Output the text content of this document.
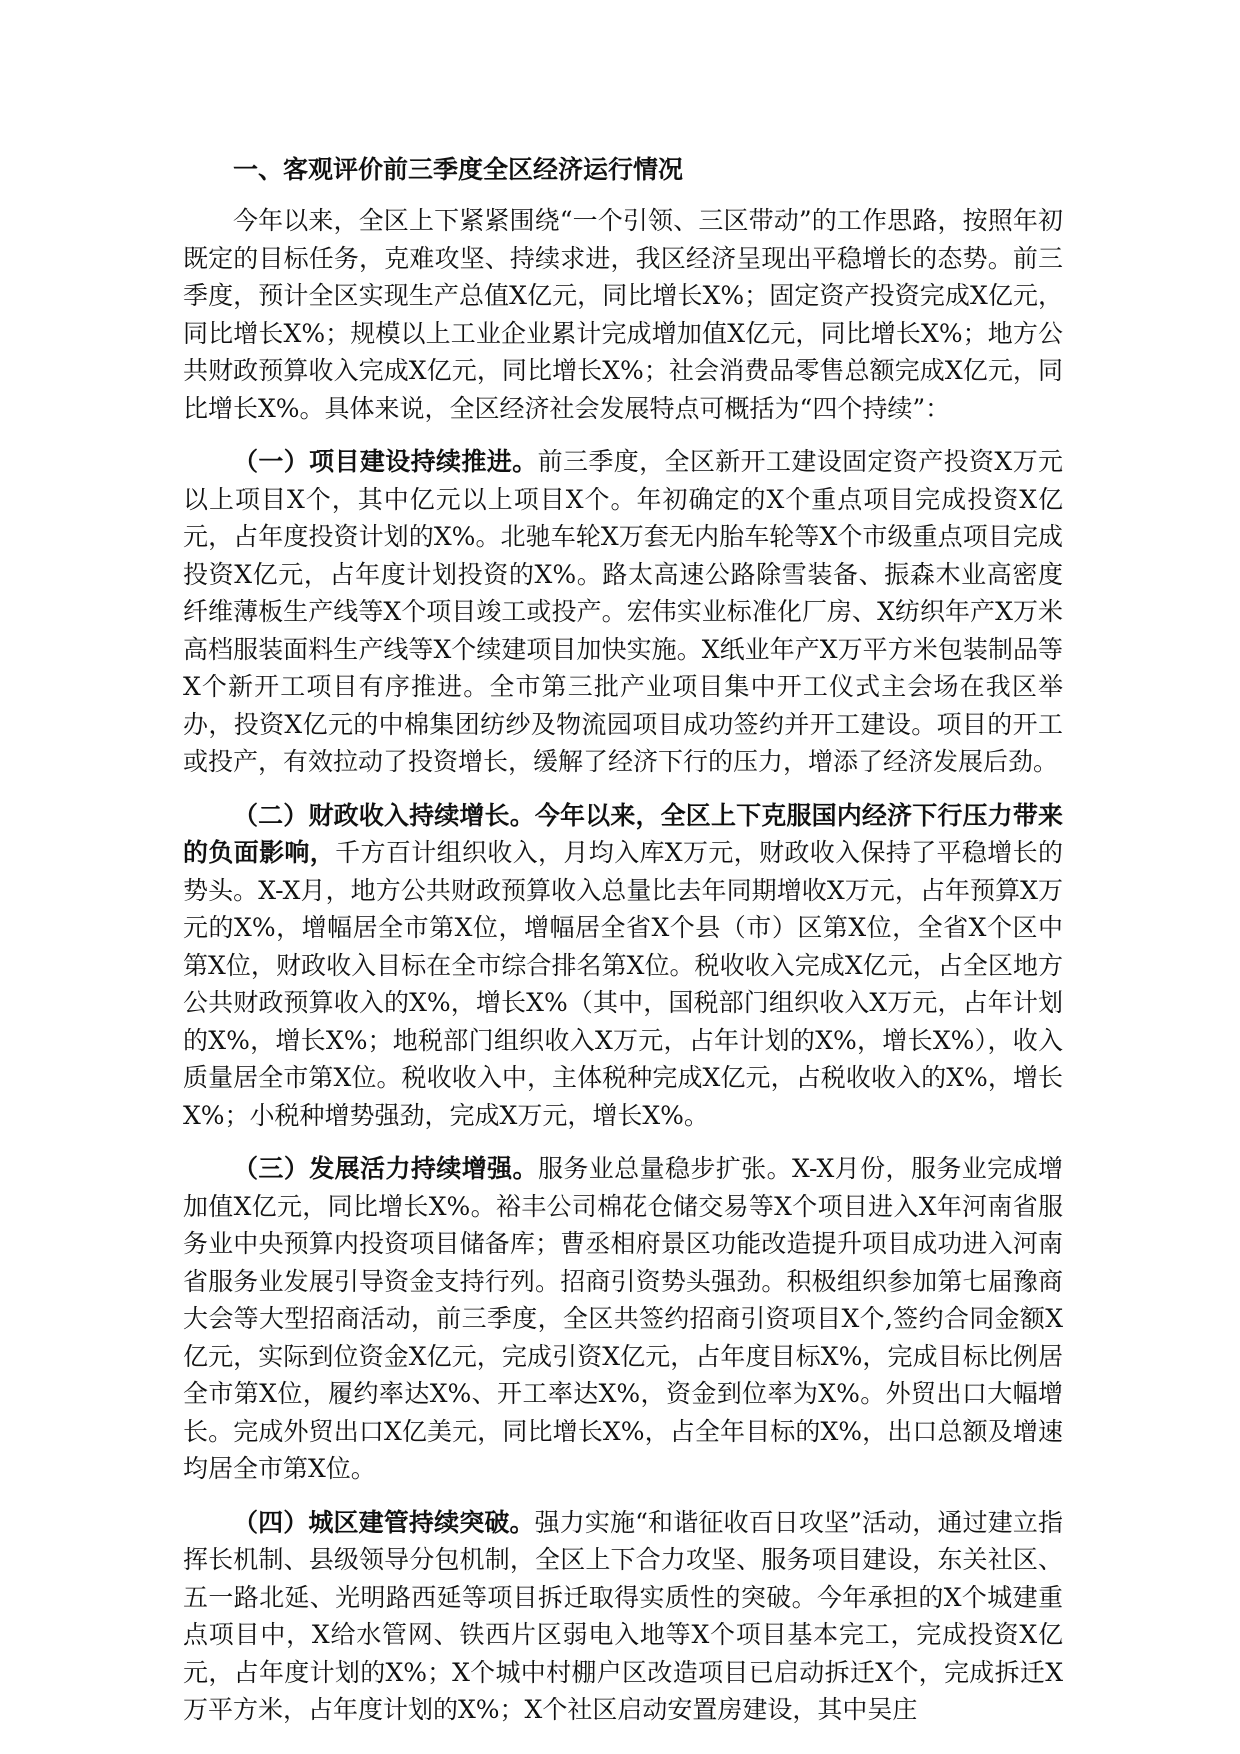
一、客观评价前三季度全区经济运行情况

今年以来，全区上下紧紧围绕“一个引领、三区带动”的工作思路，按照年初既定的目标任务，克难攻坚、持续求进，我区经济呈现出平稳增长的态势。前三季度，预计全区实现生产总值X亿元，同比增长X%；固定资产投资完成X亿元，同比增长X%；规模以上工业企业累计完成增加值X亿元，同比增长X%；地方公共财政预算收入完成X亿元，同比增长X%；社会消费品零售总额完成X亿元，同比增长X%。具体来说，全区经济社会发展特点可概括为“四个持续”：

（一）项目建设持续推进。前三季度，全区新开工建设固定资产投资X万元以上项目X个，其中亿元以上项目X个。年初确定的X个重点项目完成投资X亿元，占年度投资计划的X%。北驰车轮X万套无内胎车轮等X个市级重点项目完成投资X亿元，占年度计划投资的X%。路太高速公路除雪装备、振森木业高密度纤维薄板生产线等X个项目竣工或投产。宏伟实业标准化厂房、X纺织年产X万米高档服装面料生产线等X个续建项目加快实施。X纸业年产X万平方米包装制品等X个新开工项目有序推进。全市第三批产业项目集中开工仪式主会场在我区举办，投资X亿元的中棉集团纺纱及物流园项目成功签约并开工建设。项目的开工或投产，有效拉动了投资增长，缓解了经济下行的压力，增添了经济发展后劲。

（二）财政收入持续增长。今年以来，全区上下克服国内经济下行压力带来的负面影响，千方百计组织收入，月均入库X万元，财政收入保持了平稳增长的势头。X-X月，地方公共财政预算收入总量比去年同期增收X万元，占年预算X万元的X%，增幅居全市第X位，增幅居全省X个县（市）区第X位，全省X个区中第X位，财政收入目标在全市综合排名第X位。税收收入完成X亿元，占全区地方公共财政预算收入的X%，增长X%（其中，国税部门组织收入X万元，占年计划的X%，增长X%；地税部门组织收入X万元，占年计划的X%，增长X%），收入质量居全市第X位。税收收入中，主体税种完成X亿元，占税收收入的X%，增长X%；小税种增势强劲，完成X万元，增长X%。

（三）发展活力持续增强。服务业总量稳步扩张。X-X月份，服务业完成增加值X亿元，同比增长X%。裕丰公司棉花仓储交易等X个项目进入X年河南省服务业中央预算内投资项目储备库；曹丞相府景区功能改造提升项目成功进入河南省服务业发展引导资金支持行列。招商引资势头强劲。积极组织参加第七届豫商大会等大型招商活动，前三季度，全区共签约招商引资项目X个,签约合同金额X亿元，实际到位资金X亿元，完成引资X亿元，占年度目标X%，完成目标比例居全市第X位，履约率达X%、开工率达X%，资金到位率为X%。外贸出口大幅增长。完成外贸出口X亿美元，同比增长X%，占全年目标的X%，出口总额及增速均居全市第X位。

（四）城区建管持续突破。强力实施“和谐征收百日攻坚”活动，通过建立指挥长机制、县级领导分包机制，全区上下合力攻坚、服务项目建设，东关社区、五一路北延、光明路西延等项目拆迁取得实质性的突破。今年承担的X个城建重点项目中，X给水管网、铁西片区弱电入地等X个项目基本完工，完成投资X亿元，占年度计划的X%；X个城中村棚户区改造项目已启动拆迁X个，完成拆迁X万平方米，占年度计划的X%；X个社区启动安置房建设，其中吴庄
